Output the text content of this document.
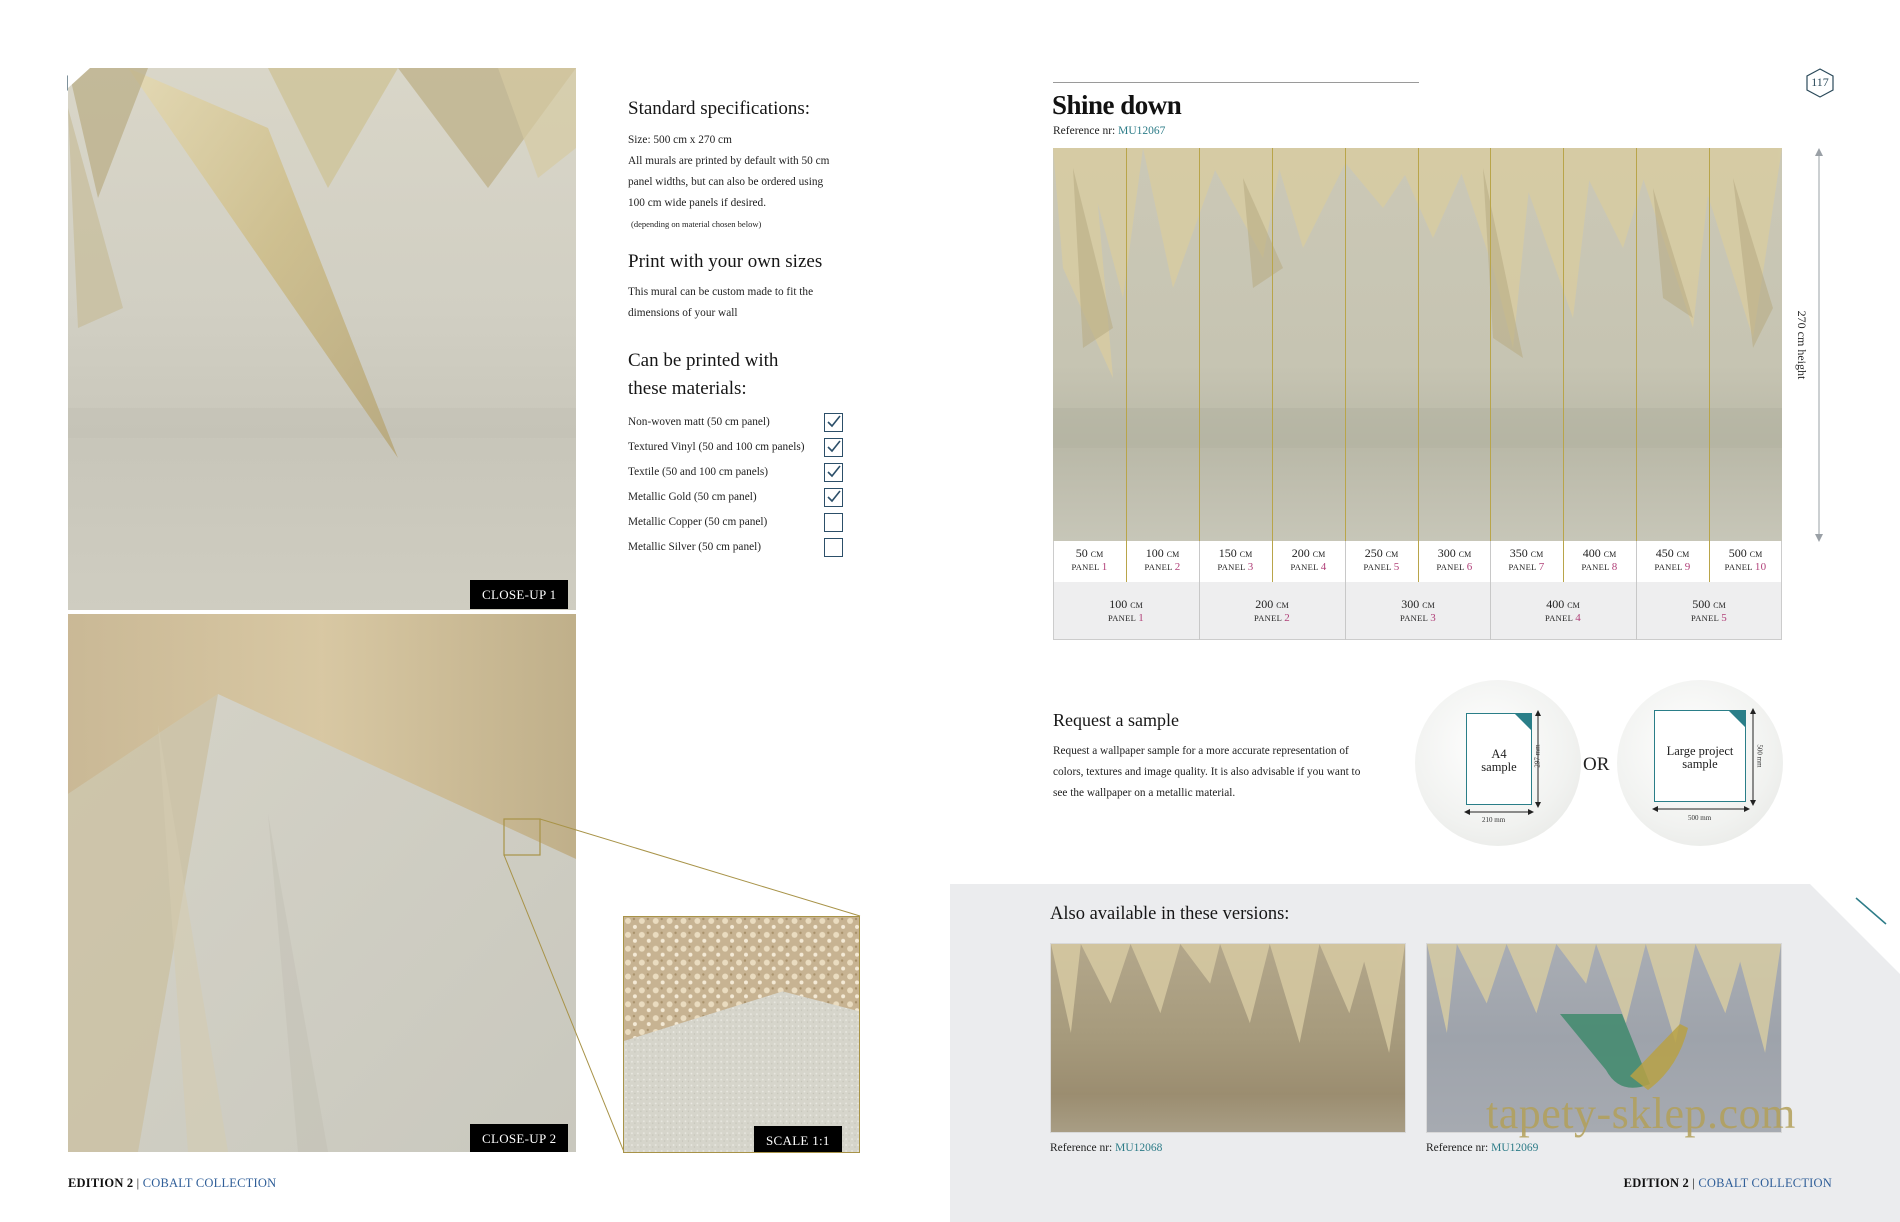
CLOSE-UP 1
CLOSE-UP 2	SCALE 1:1
Standard specifications:
Size: 500 cm x 270 cm
All murals are printed by default with 50 cm
panel widths, but can also be ordered using
100 cm wide panels if desired.
(depending on material chosen below)
Print with your own sizes
This mural can be custom made to fit the
dimensions of your wall
Can be printed with
these materials:
Non-woven matt (50 cm panel)
Textured Vinyl (50 and 100 cm panels)
Textile (50 and 100 cm panels)
Metallic Gold (50 cm panel)
Metallic Copper (50 cm panel)
Metallic Silver (50 cm panel)
EDITION 2 | COBALT COLLECTION
117
Shine down
Reference nr: MU12067
50 CM
PANEL 1
100 CM
PANEL 2
150 CM
PANEL 3
200 CM
PANEL 4
250 CM
PANEL 5
300 CM
PANEL 6
350 CM
PANEL 7
400 CM
PANEL 8
450 CM
PANEL 9
500 CM
PANEL 10
100 CM
PANEL 1
200 CM
PANEL 2
300 CM
PANEL 3
400 CM
PANEL 4
500 CM
PANEL 5
270 cm height
Request a sample
Request a wallpaper sample for a more accurate representation of
colors, textures and image quality. It is also advisable if you want to
see the wallpaper on a metallic material.
A4
sample
210 mm
297 mm OR
Large project
sample
500 mm
500 mm
Also available in these versions:
Reference nr: MU12068	Reference nr: MU12069
tapety-sklep.com
EDITION 2 | COBALT COLLECTION
